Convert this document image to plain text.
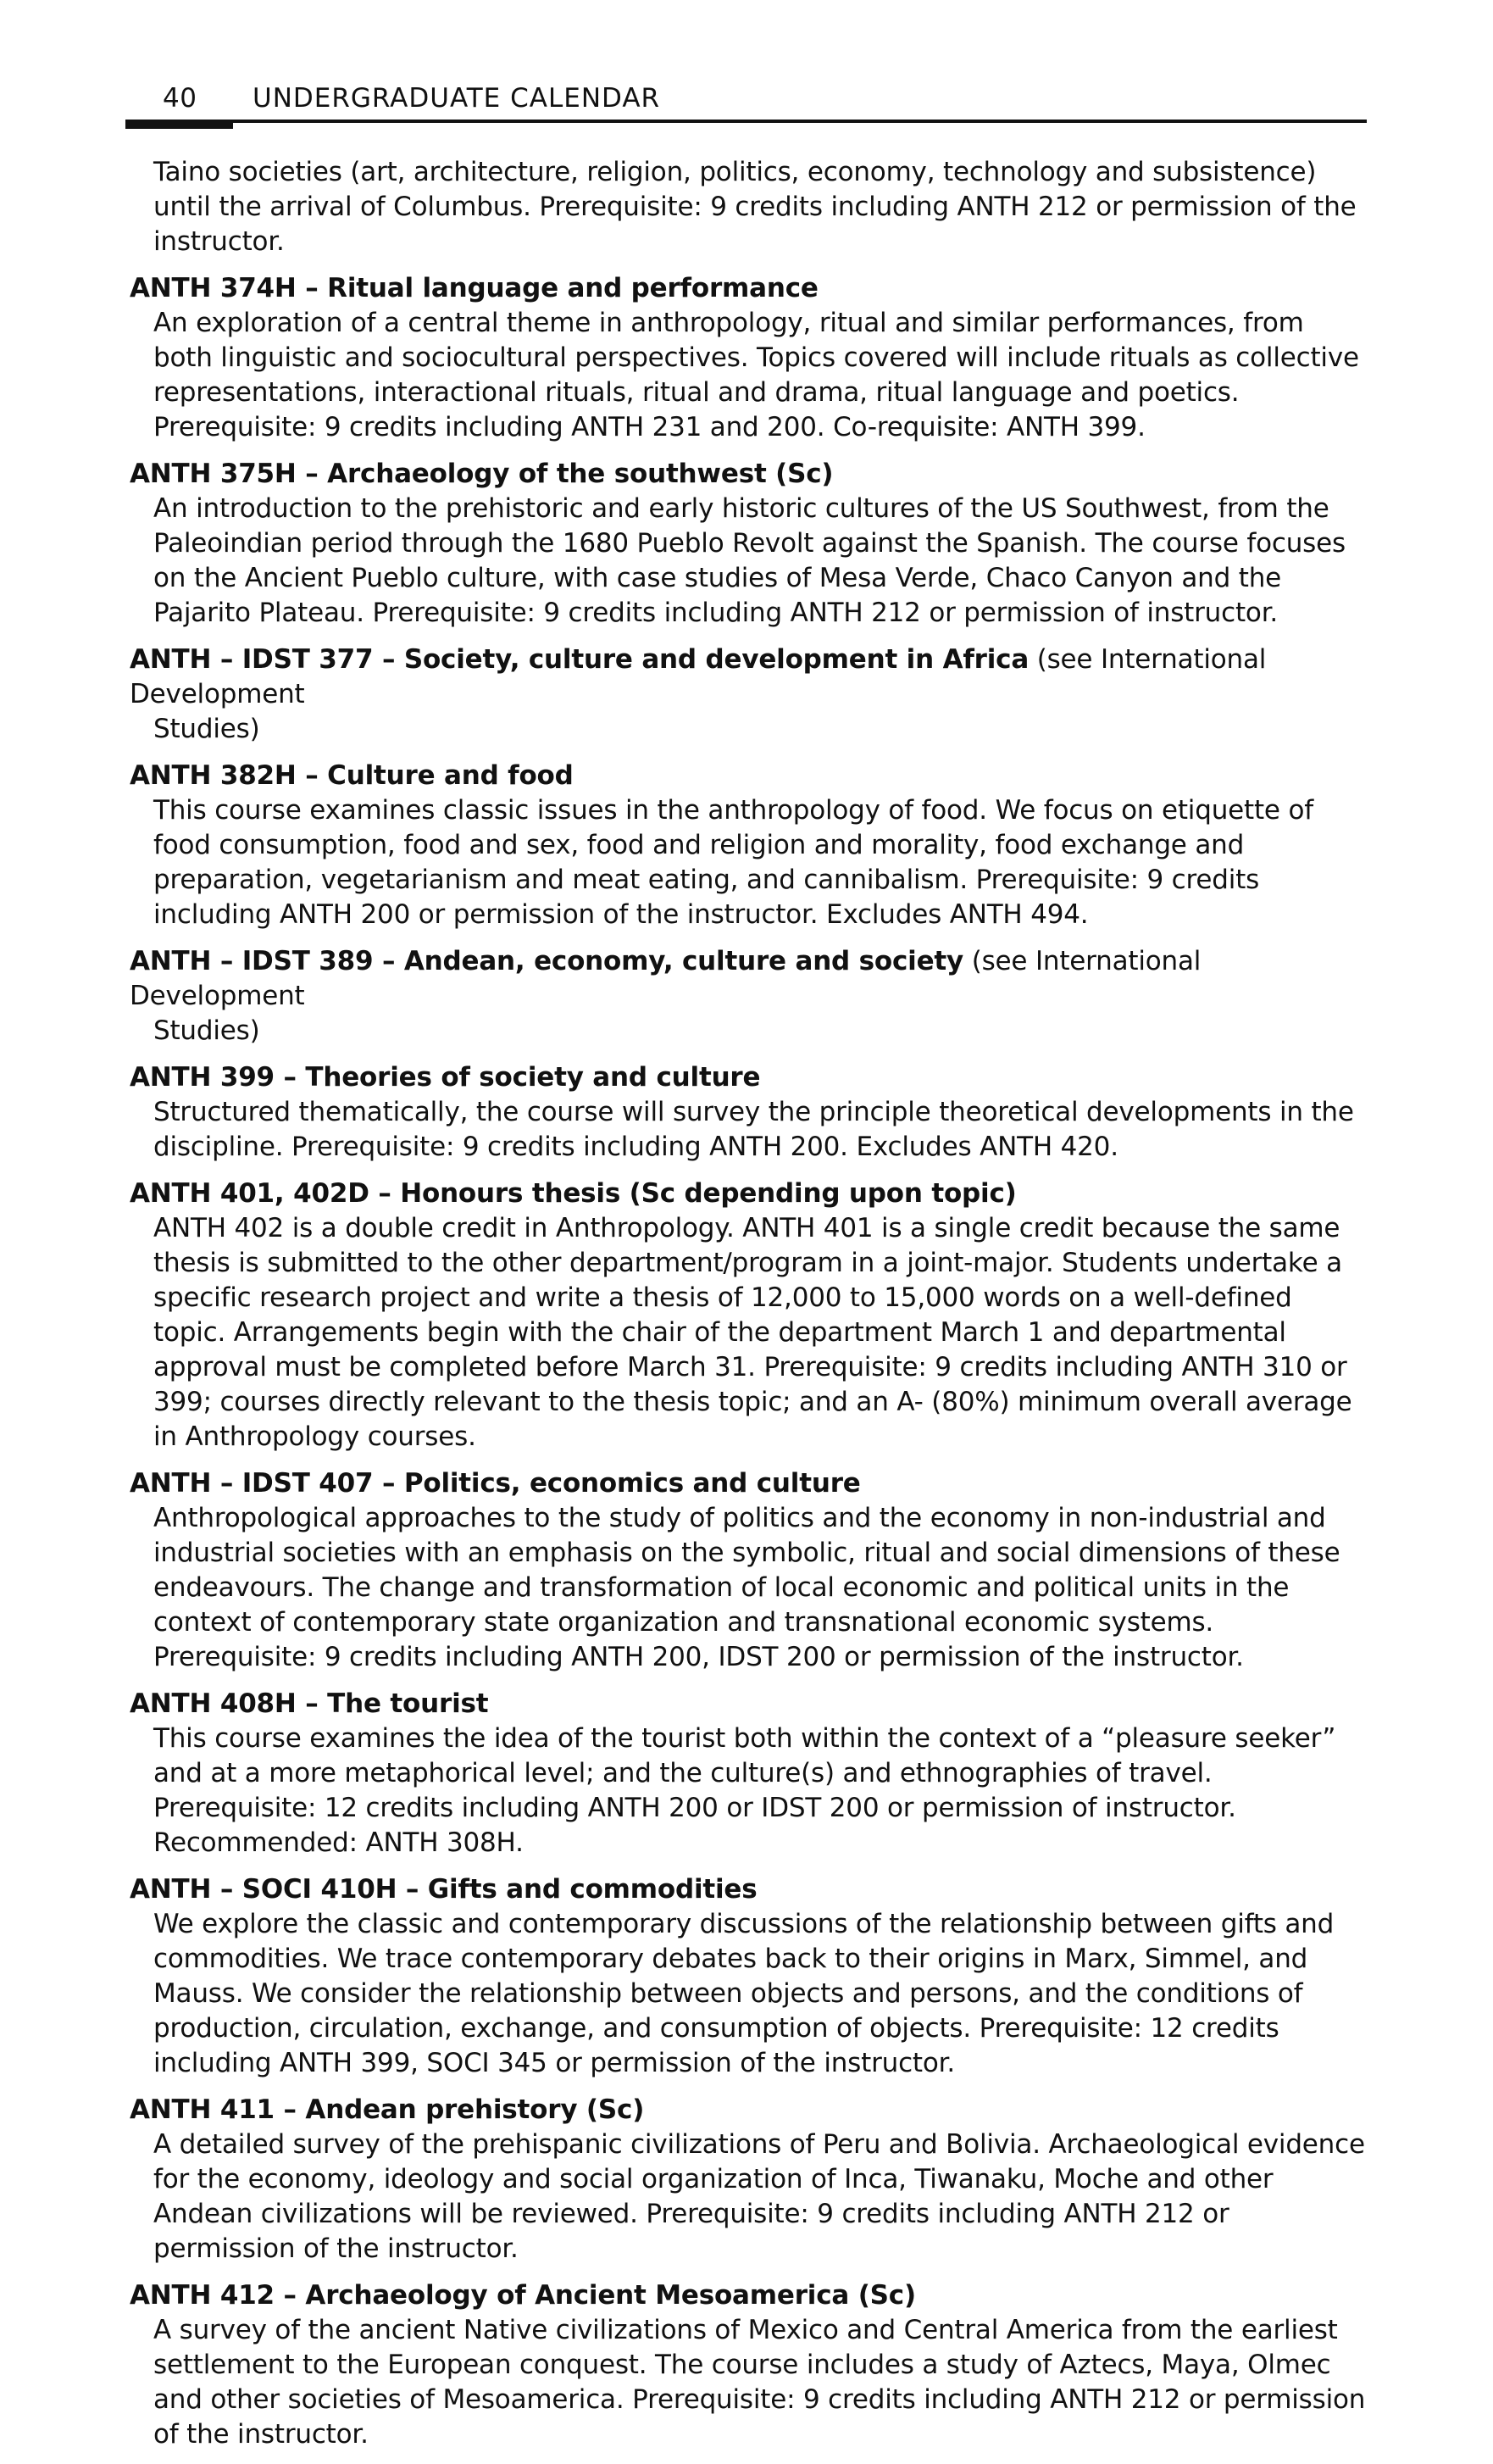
40 UNDERGRADUATE CALENDAR
Taino societies (art, architecture, religion, politics, economy, technology and subsistence) until the arrival of Columbus. Prerequisite: 9 credits including ANTH 212 or permission of the instructor.
ANTH 374H – Ritual language and performance
An exploration of a central theme in anthropology, ritual and similar performances, from both linguistic and sociocultural perspectives. Topics covered will include rituals as collective representations, interactional rituals, ritual and drama, ritual language and poetics. Prerequisite: 9 credits including ANTH 231 and 200. Co-requisite: ANTH 399.
ANTH 375H – Archaeology of the southwest (Sc)
An introduction to the prehistoric and early historic cultures of the US Southwest, from the Paleoindian period through the 1680 Pueblo Revolt against the Spanish. The course focuses on the Ancient Pueblo culture, with case studies of Mesa Verde, Chaco Canyon and the Pajarito Plateau. Prerequisite: 9 credits including ANTH 212 or permission of instructor.
ANTH – IDST 377 – Society, culture and development in Africa (see International Development
Studies)
ANTH 382H – Culture and food
This course examines classic issues in the anthropology of food. We focus on etiquette of food consumption, food and sex, food and religion and morality, food exchange and preparation, vegetarianism and meat eating, and cannibalism. Prerequisite: 9 credits including ANTH 200 or permission of the instructor. Excludes ANTH 494.
ANTH – IDST 389 – Andean, economy, culture and society (see International Development
Studies)
ANTH 399 – Theories of society and culture
Structured thematically, the course will survey the principle theoretical developments in the discipline. Prerequisite: 9 credits including ANTH 200. Excludes ANTH 420.
ANTH 401, 402D – Honours thesis (Sc depending upon topic)
ANTH 402 is a double credit in Anthropology. ANTH 401 is a single credit because the same thesis is submitted to the other department/program in a joint-major. Students undertake a specific research project and write a thesis of 12,000 to 15,000 words on a well-defined topic. Arrangements begin with the chair of the department March 1 and departmental approval must be completed before March 31. Prerequisite: 9 credits including ANTH 310 or 399; courses directly relevant to the thesis topic; and an A- (80%) minimum overall average in Anthropology courses.
ANTH – IDST 407 – Politics, economics and culture
Anthropological approaches to the study of politics and the economy in non-industrial and industrial societies with an emphasis on the symbolic, ritual and social dimensions of these endeavours. The change and transformation of local economic and political units in the context of contemporary state organization and transnational economic systems. Prerequisite: 9 credits including ANTH 200, IDST 200 or permission of the instructor.
ANTH 408H – The tourist
This course examines the idea of the tourist both within the context of a “pleasure seeker” and at a more metaphorical level; and the culture(s) and ethnographies of travel. Prerequisite: 12 credits including ANTH 200 or IDST 200 or permission of instructor. Recommended: ANTH 308H.
ANTH – SOCI 410H – Gifts and commodities
We explore the classic and contemporary discussions of the relationship between gifts and commodities. We trace contemporary debates back to their origins in Marx, Simmel, and Mauss. We consider the relationship between objects and persons, and the conditions of production, circulation, exchange, and consumption of objects. Prerequisite: 12 credits including ANTH 399, SOCI 345 or permission of the instructor.
ANTH 411 – Andean prehistory (Sc)
A detailed survey of the prehispanic civilizations of Peru and Bolivia. Archaeological evidence for the economy, ideology and social organization of Inca, Tiwanaku, Moche and other Andean civilizations will be reviewed. Prerequisite: 9 credits including ANTH 212 or permission of the instructor.
ANTH 412 – Archaeology of Ancient Mesoamerica (Sc)
A survey of the ancient Native civilizations of Mexico and Central America from the earliest settlement to the European conquest. The course includes a study of Aztecs, Maya, Olmec and other societies of Mesoamerica. Prerequisite: 9 credits including ANTH 212 or permission of the instructor.
